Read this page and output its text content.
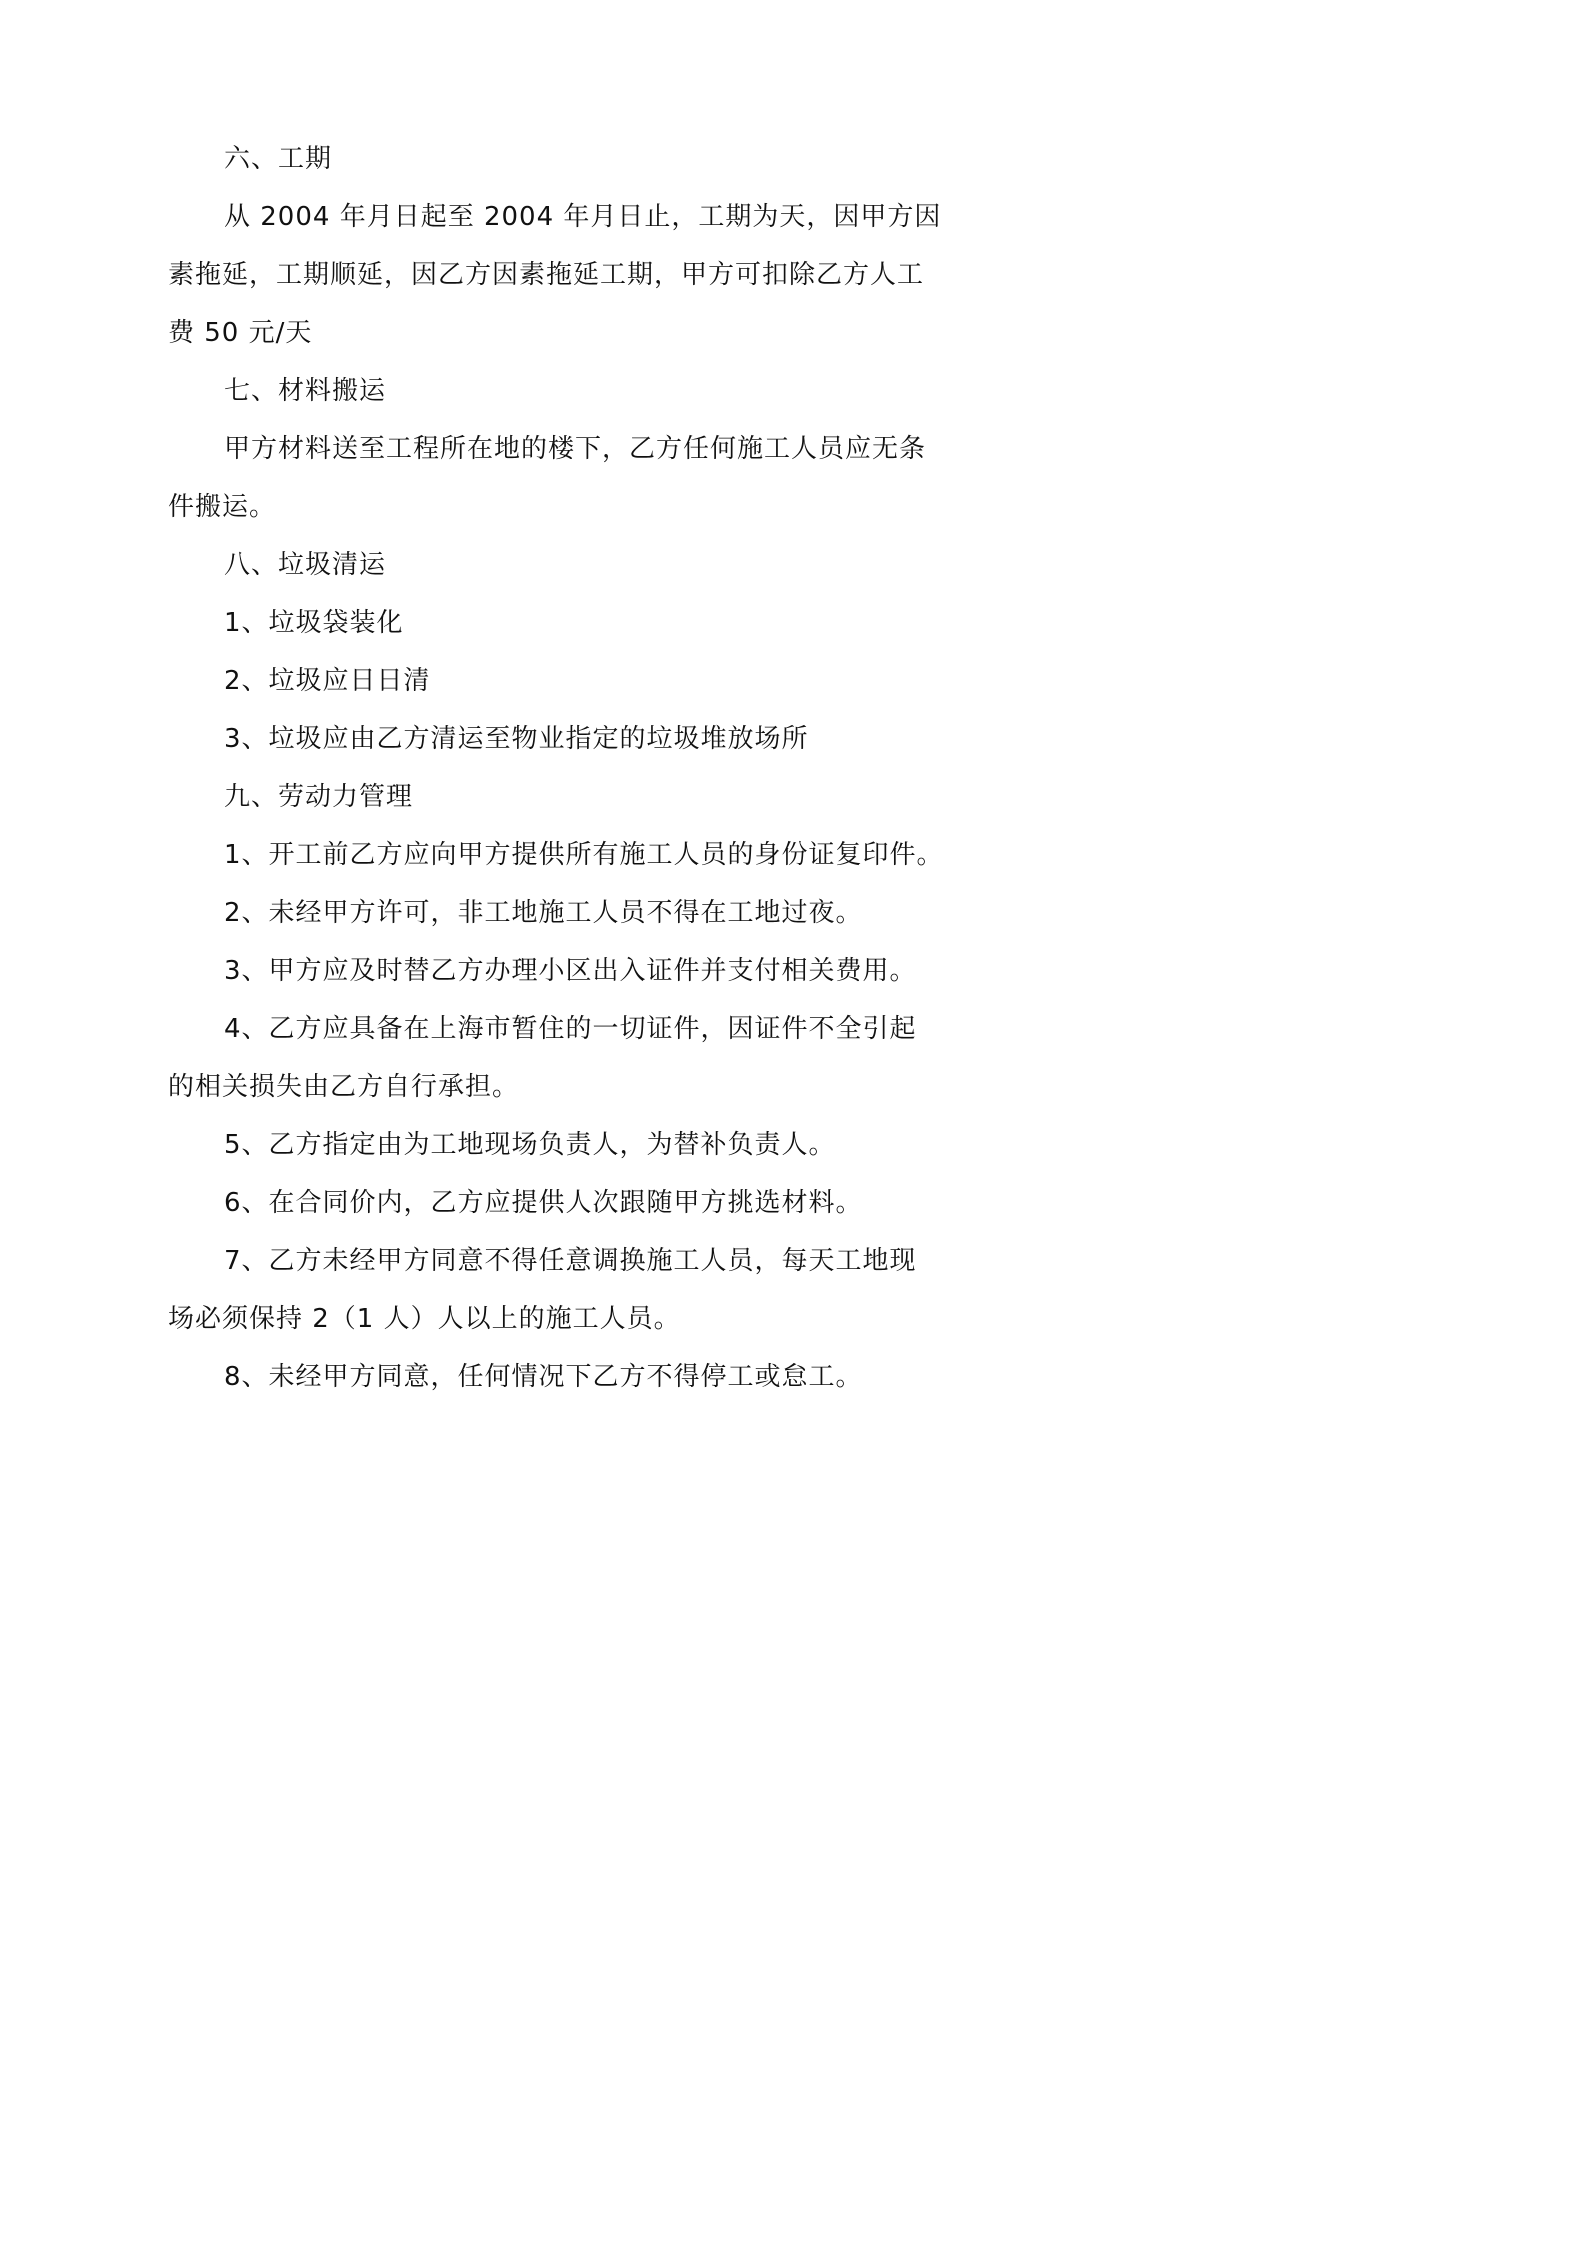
六、工期
从 2004 年月日起至 2004 年月日止，工期为天，因甲方因
素拖延，工期顺延，因乙方因素拖延工期，甲方可扣除乙方人工
费 50 元/天
七、材料搬运
甲方材料送至工程所在地的楼下，乙方任何施工人员应无条
件搬运。
八、垃圾清运
1、垃圾袋装化
2、垃圾应日日清
3、垃圾应由乙方清运至物业指定的垃圾堆放场所
九、劳动力管理
1、开工前乙方应向甲方提供所有施工人员的身份证复印件。
2、未经甲方许可，非工地施工人员不得在工地过夜。
3、甲方应及时替乙方办理小区出入证件并支付相关费用。
4、乙方应具备在上海市暂住的一切证件，因证件不全引起
的相关损失由乙方自行承担。
5、乙方指定由为工地现场负责人，为替补负责人。
6、在合同价内，乙方应提供人次跟随甲方挑选材料。
7、乙方未经甲方同意不得任意调换施工人员，每天工地现
场必须保持 2（1 人）人以上的施工人员。
8、未经甲方同意，任何情况下乙方不得停工或怠工。
